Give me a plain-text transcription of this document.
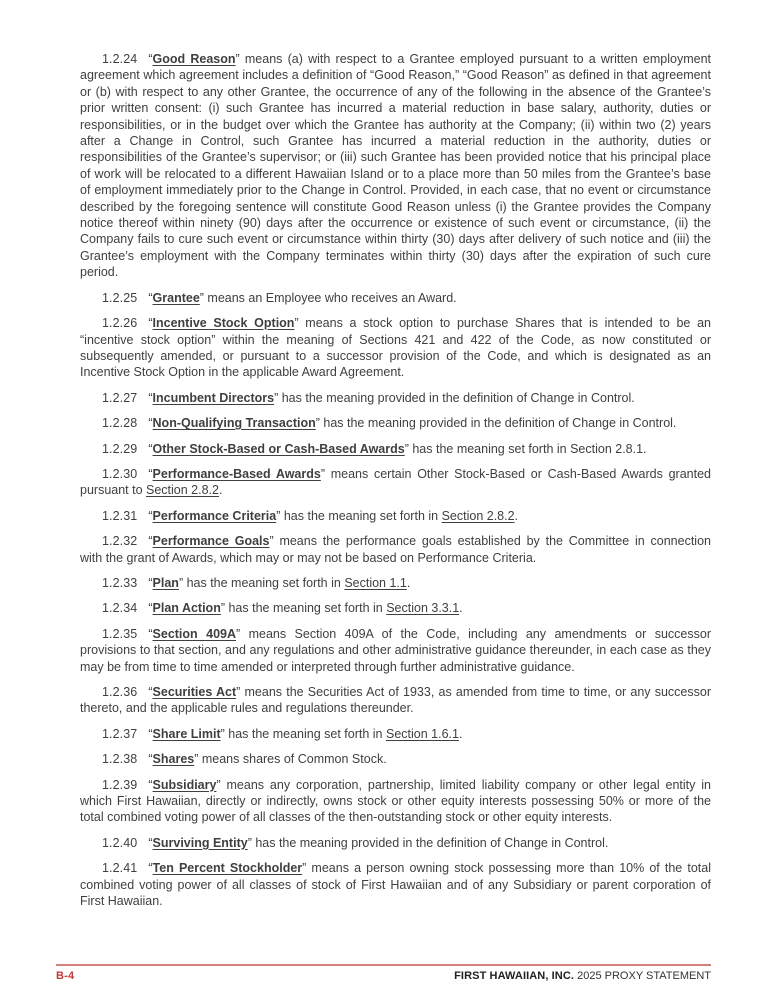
1.2.24 “Good Reason” means (a) with respect to a Grantee employed pursuant to a written employment agreement which agreement includes a definition of “Good Reason,” “Good Reason” as defined in that agreement or (b) with respect to any other Grantee, the occurrence of any of the following in the absence of the Grantee’s prior written consent: (i) such Grantee has incurred a material reduction in base salary, authority, duties or responsibilities, or in the budget over which the Grantee has authority at the Company; (ii) within two (2) years after a Change in Control, such Grantee has incurred a material reduction in the authority, duties or responsibilities of the Grantee’s supervisor; or (iii) such Grantee has been provided notice that his principal place of work will be relocated to a different Hawaiian Island or to a place more than 50 miles from the Grantee’s base of employment immediately prior to the Change in Control. Provided, in each case, that no event or circumstance described by the foregoing sentence will constitute Good Reason unless (i) the Grantee provides the Company notice thereof within ninety (90) days after the occurrence or existence of such event or circumstance, (ii) the Company fails to cure such event or circumstance within thirty (30) days after delivery of such notice and (iii) the Grantee’s employment with the Company terminates within thirty (30) days after the expiration of such cure period.

1.2.25 “Grantee” means an Employee who receives an Award.

1.2.26 “Incentive Stock Option” means a stock option to purchase Shares that is intended to be an “incentive stock option” within the meaning of Sections 421 and 422 of the Code, as now constituted or subsequently amended, or pursuant to a successor provision of the Code, and which is designated as an Incentive Stock Option in the applicable Award Agreement.

1.2.27 “Incumbent Directors” has the meaning provided in the definition of Change in Control.

1.2.28 “Non-Qualifying Transaction” has the meaning provided in the definition of Change in Control.

1.2.29 “Other Stock-Based or Cash-Based Awards” has the meaning set forth in Section 2.8.1.

1.2.30 “Performance-Based Awards” means certain Other Stock-Based or Cash-Based Awards granted pursuant to Section 2.8.2.

1.2.31 “Performance Criteria” has the meaning set forth in Section 2.8.2.

1.2.32 “Performance Goals” means the performance goals established by the Committee in connection with the grant of Awards, which may or may not be based on Performance Criteria.

1.2.33 “Plan” has the meaning set forth in Section 1.1.

1.2.34 “Plan Action” has the meaning set forth in Section 3.3.1.

1.2.35 “Section 409A” means Section 409A of the Code, including any amendments or successor provisions to that section, and any regulations and other administrative guidance thereunder, in each case as they may be from time to time amended or interpreted through further administrative guidance.

1.2.36 “Securities Act” means the Securities Act of 1933, as amended from time to time, or any successor thereto, and the applicable rules and regulations thereunder.

1.2.37 “Share Limit” has the meaning set forth in Section 1.6.1.

1.2.38 “Shares” means shares of Common Stock.

1.2.39 “Subsidiary” means any corporation, partnership, limited liability company or other legal entity in which First Hawaiian, directly or indirectly, owns stock or other equity interests possessing 50% or more of the total combined voting power of all classes of the then-outstanding stock or other equity interests.

1.2.40 “Surviving Entity” has the meaning provided in the definition of Change in Control.

1.2.41 “Ten Percent Stockholder” means a person owning stock possessing more than 10% of the total combined voting power of all classes of stock of First Hawaiian and of any Subsidiary or parent corporation of First Hawaiian.

B-4	FIRST HAWAIIAN, INC. 2025 PROXY STATEMENT
